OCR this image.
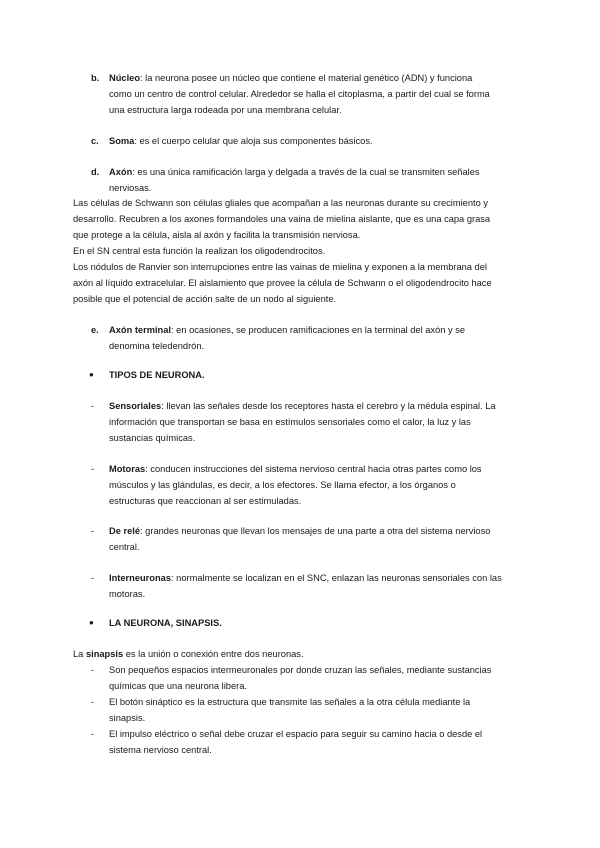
b. Núcleo: la neurona posee un núcleo que contiene el material genético (ADN) y funciona
como un centro de control celular. Alrededor se halla el citoplasma, a partir del cual se forma
una estructura larga rodeada por una membrana celular.
c. Soma: es el cuerpo celular que aloja sus componentes básicos.
d. Axón: es una única ramificación larga y delgada a través de la cual se transmiten señales
nerviosas.

Las células de Schwann son células gliales que acompañan a las neuronas durante su crecimiento y

desarrollo. Recubren a los axones formandoles una vaina de mielina aislante, que es una capa grasa

que protege a la célula, aisla al axón y facilita la transmisión nerviosa.

En el SN central esta función la realizan los oligodendrocitos.

Los nódulos de Ranvier son interrupciones entre las vainas de mielina y exponen a la membrana del

axón al líquido extracelular. El aislamiento que provee la célula de Schwann o el oligodendrocito hace

posible que el potencial de acción salte de un nodo al siguiente.

e. Axón terminal: en ocasiones, se producen ramificaciones en la terminal del axón y se
denomina teledendrón.
● TIPOS DE NEURONA.
- Sensoriales: llevan las señales desde los receptores hasta el cerebro y la médula espinal. La
información que transportan se basa en estímulos sensoriales como el calor, la luz y las
sustancias químicas.
- Motoras: conducen instrucciones del sistema nervioso central hacia otras partes como los
músculos y las glándulas, es decir, a los efectores. Se llama efector, a los órganos o
estructuras que reaccionan al ser estimuladas.
- De relé: grandes neuronas que llevan los mensajes de una parte a otra del sistema nervioso
central.
- Interneuronas: normalmente se localizan en el SNC, enlazan las neuronas sensoriales con las
motoras.
● LA NEURONA, SINAPSIS.
La sinapsis es la unión o conexión entre dos neuronas.
- Son pequeños espacios intermeuronales por donde cruzan las señales, mediante sustancias
químicas que una neurona libera.
- El botón sináptico es la estructura que transmite las señales a la otra célula mediante la
sinapsis.
- El impulso eléctrico o señal debe cruzar el espacio para seguir su camino hacia o desde el
sistema nervioso central.
